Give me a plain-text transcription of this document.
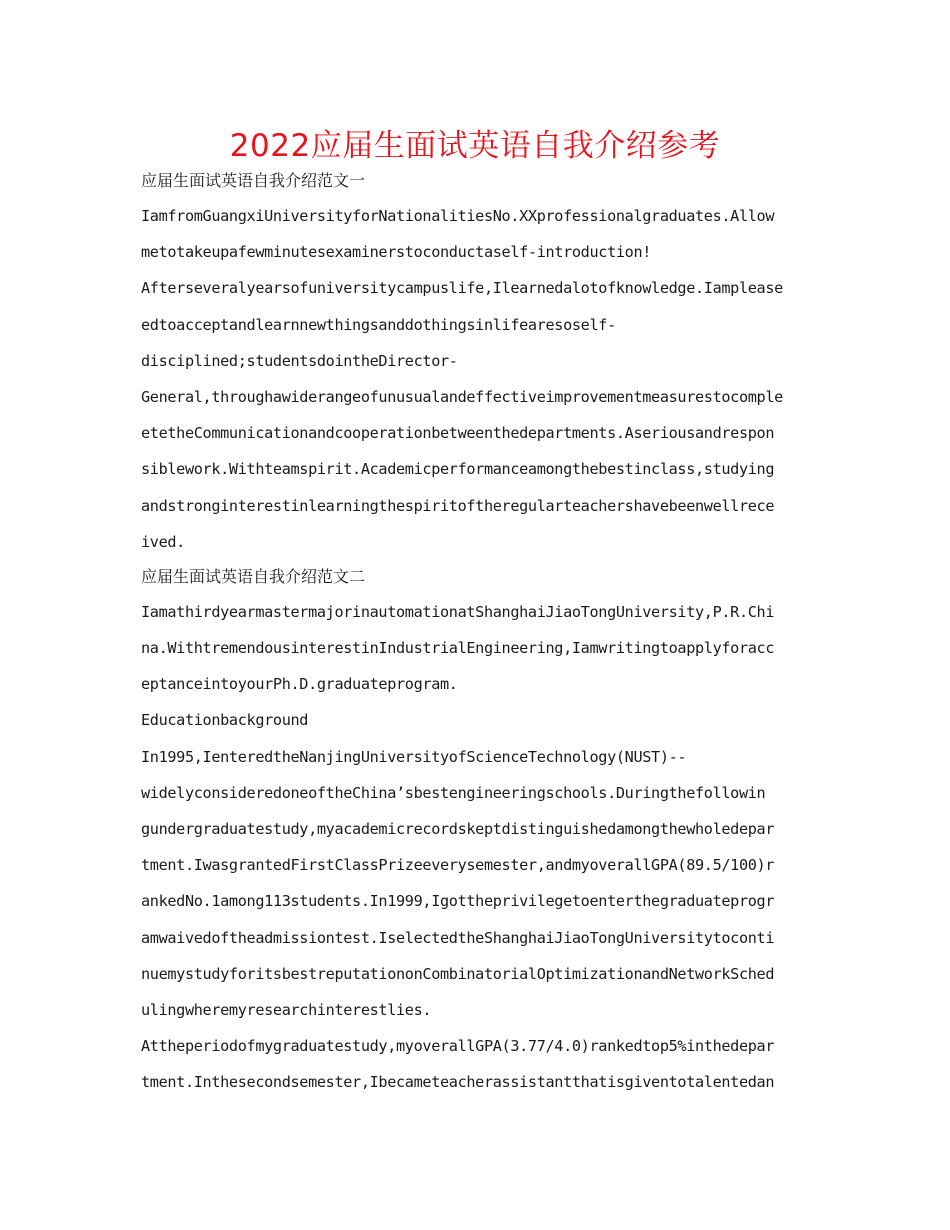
2022应届生面试英语自我介绍参考
应届生面试英语自我介绍范文一
IamfromGuangxiUniversityforNationalitiesNo.XXprofessionalgraduates.Allow
metotakeupafewminutesexaminerstoconductaself-introduction!
Afterseveralyearsofuniversitycampuslife,Ilearnedalotofknowledge.Iamplease
edtoacceptandlearnnewthingsanddothingsinlifearesoself-
disciplined;studentsdointheDirector-
General,throughawiderangeofunusualandeffectiveimprovementmeasurestocomple
etetheCommunicationandcooperationbetweenthedepartments.Aseriousandrespon
siblework.Withteamspirit.Academicperformanceamongthebestinclass,studying
andstronginterestinlearningthespiritoftheregularteachershavebeenwellrece
ived.
应届生面试英语自我介绍范文二
IamathirdyearmastermajorinautomationatShanghaiJiaoTongUniversity,P.R.Chi
na.WithtremendousinterestinIndustrialEngineering,Iamwritingtoapplyforacc
eptanceintoyourPh.D.graduateprogram.
Educationbackground
In1995,IenteredtheNanjingUniversityofScienceTechnology(NUST)--
widelyconsideredoneoftheChina’sbestengineeringschools.Duringthefollowin
gundergraduatestudy,myacademicrecordskeptdistinguishedamongthewholedepar
tment.IwasgrantedFirstClassPrizeeverysemester,andmyoverallGPA(89.5/100)r
ankedNo.1among113students.In1999,Igottheprivilegetoenterthegraduateprogr
amwaivedoftheadmissiontest.IselectedtheShanghaiJiaoTongUniversitytoconti
nuemystudyforitsbestreputationonCombinatorialOptimizationandNetworkSched
ulingwheremyresearchinterestlies.
Attheperiodofmygraduatestudy,myoverallGPA(3.77/4.0)rankedtop5%inthedepar
tment.Inthesecondsemester,Ibecameteacherassistantthatisgiventotalentedan
